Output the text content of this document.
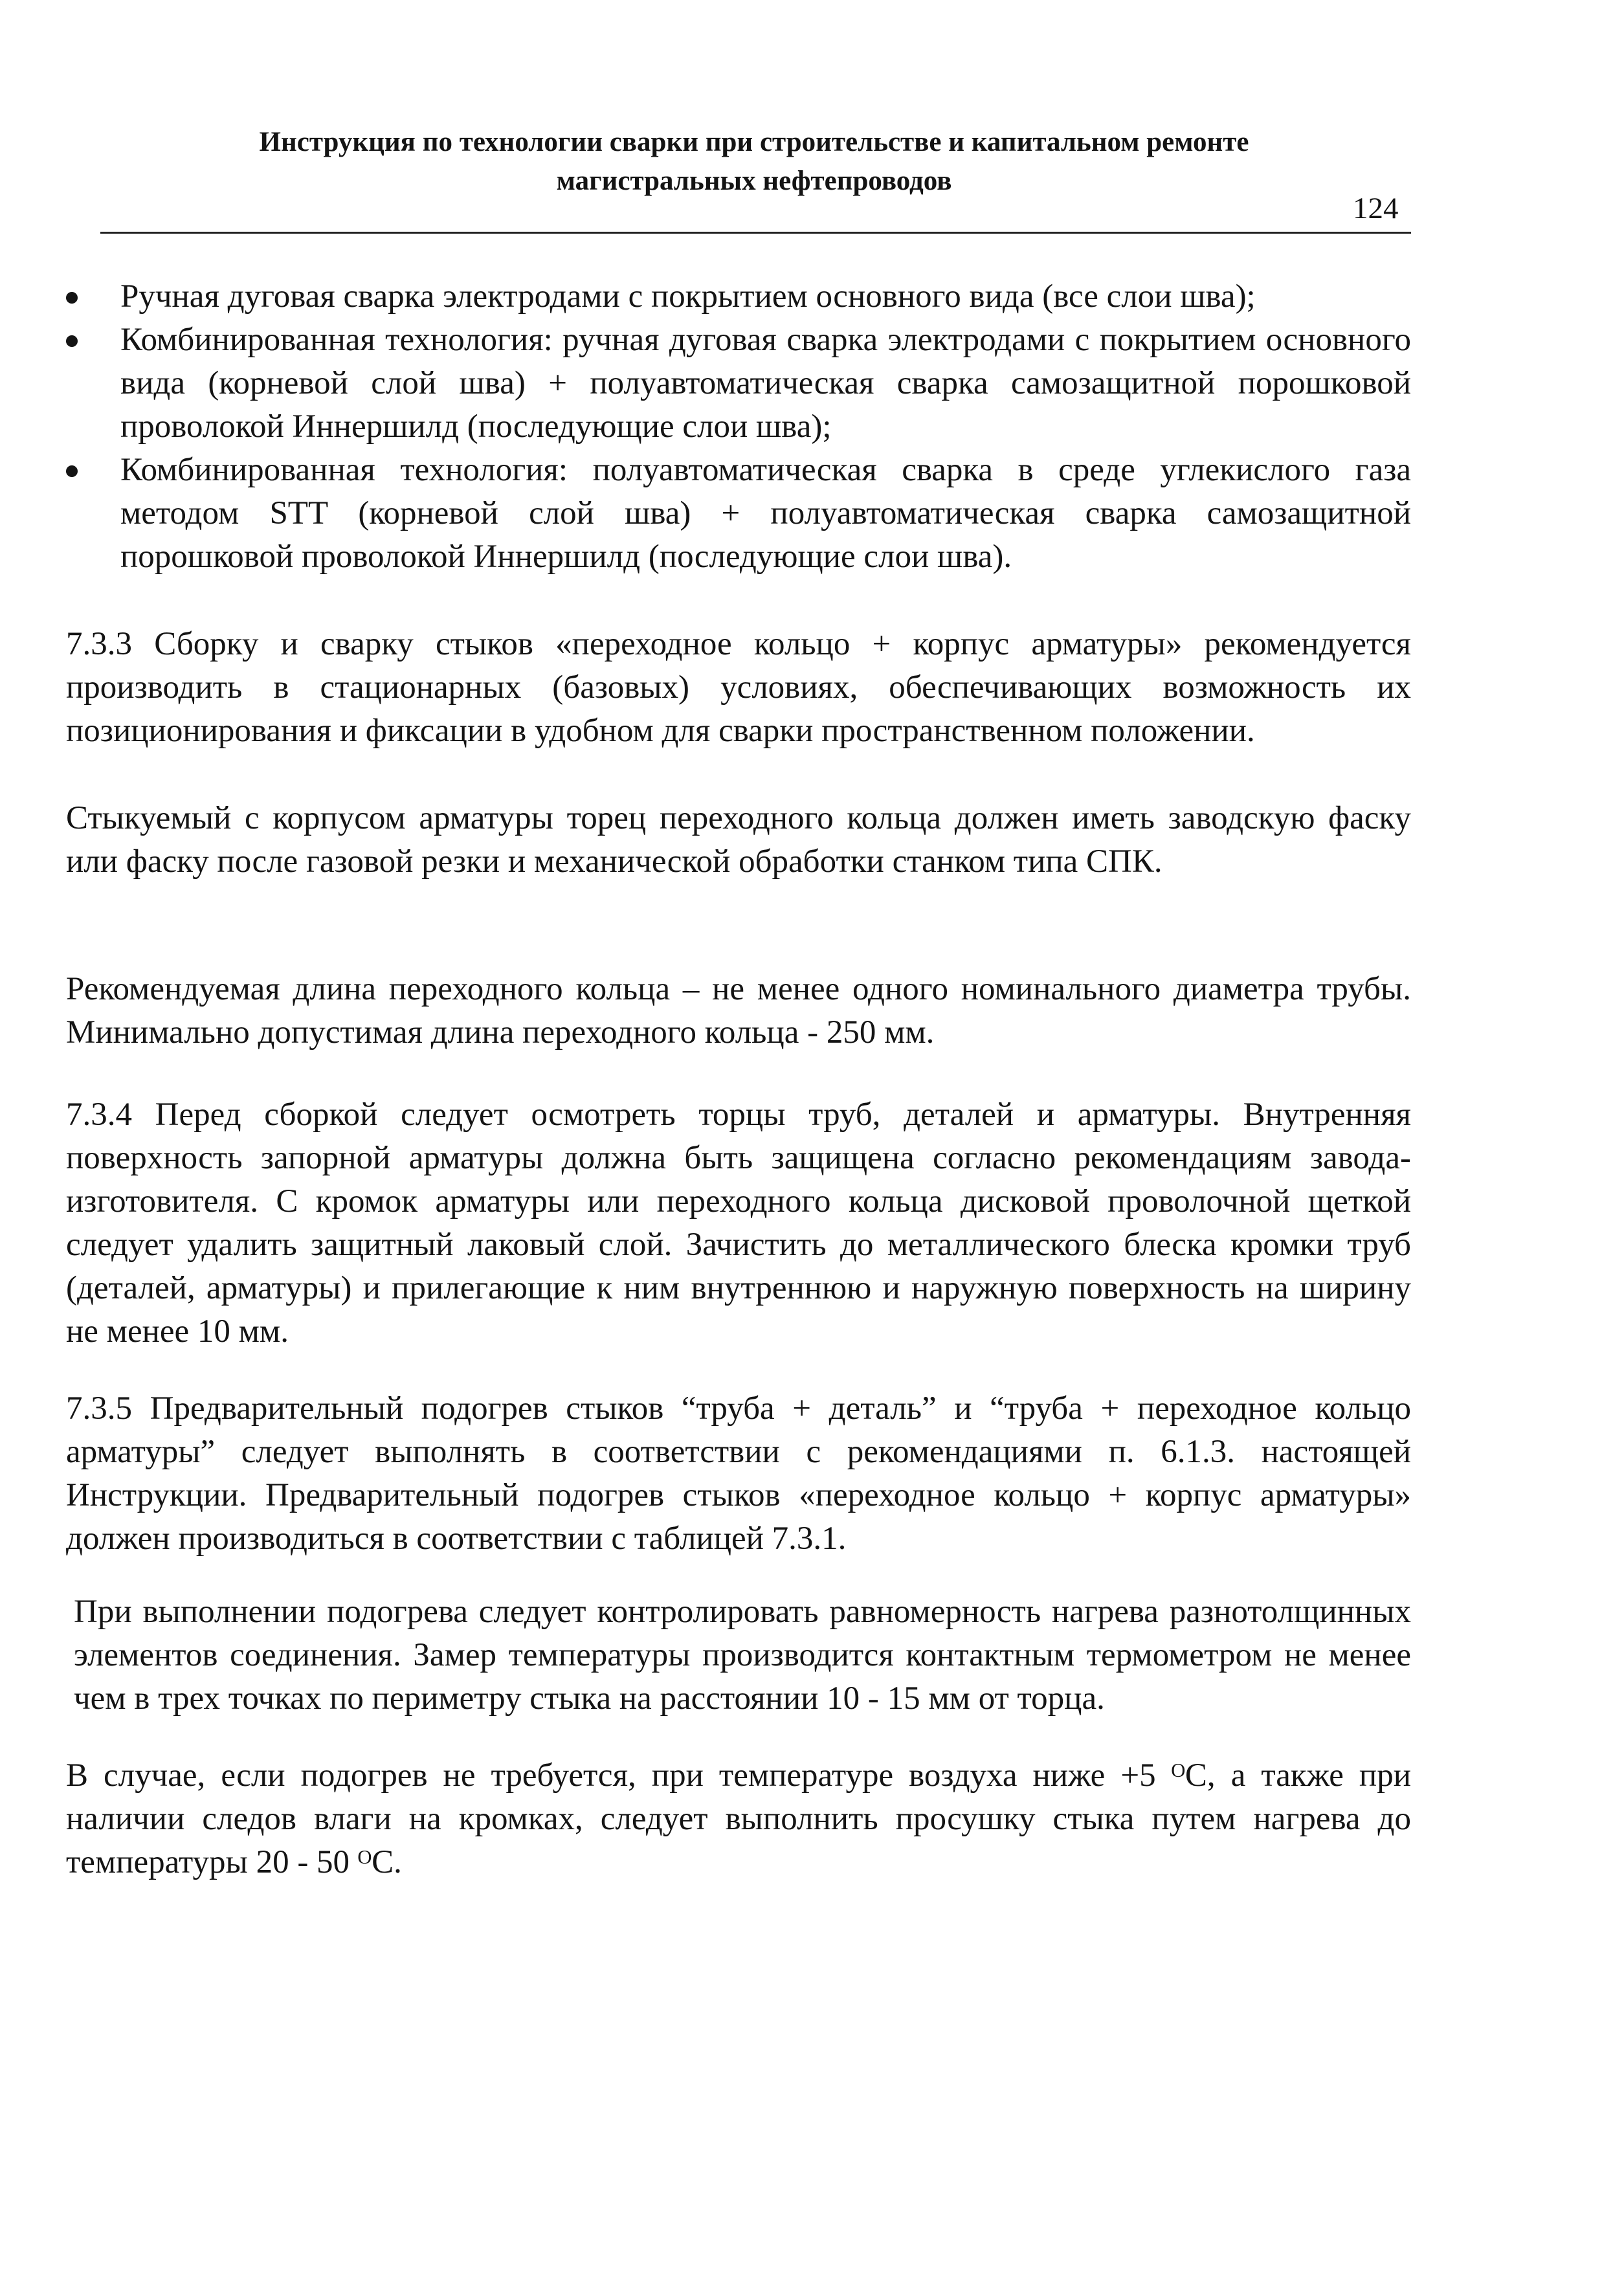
Инструкция по технологии сварки при строительстве и капитальном ремонте
магистральных нефтепроводов
124
Ручная дуговая сварка электродами с покрытием основного вида (все слои шва);
Комбинированная технология: ручная дуговая сварка электродами с покрытием основного вида (корневой слой шва) + полуавтоматическая сварка самозащитной порошковой проволокой Иннершилд (последующие слои шва);
Комбинированная технология: полуавтоматическая сварка в среде углекислого газа методом STT (корневой слой шва) + полуавтоматическая сварка самозащитной порошковой проволокой Иннершилд (последующие слои шва).

7.3.3 Сборку и сварку стыков «переходное кольцо + корпус арматуры» рекомендуется производить в стационарных (базовых) условиях, обеспечивающих возможность их позиционирования и фиксации в удобном для сварки пространственном положении.

Стыкуемый с корпусом арматуры торец переходного кольца должен иметь заводскую фаску или фаску после газовой резки и механической обработки станком типа СПК.

Рекомендуемая длина переходного кольца – не менее одного номинального диаметра трубы. Минимально допустимая длина переходного кольца - 250 мм.

7.3.4 Перед сборкой следует осмотреть торцы труб, деталей и арматуры. Внутренняя поверхность запорной арматуры должна быть защищена согласно рекомендациям завода-изготовителя. С кромок арматуры или переходного кольца дисковой проволочной щеткой следует удалить защитный лаковый слой. Зачистить до металлического блеска кромки труб (деталей, арматуры) и прилегающие к ним внутреннюю и наружную поверхность на ширину не менее 10 мм.

7.3.5 Предварительный подогрев стыков “труба + деталь” и “труба + переходное кольцо арматуры” следует выполнять в соответствии с рекомендациями п. 6.1.3. настоящей Инструкции. Предварительный подогрев стыков «переходное кольцо + корпус арматуры» должен производиться в соответствии с таблицей 7.3.1.

При выполнении подогрева следует контролировать равномерность нагрева разнотолщинных элементов соединения. Замер температуры производится контактным термометром не менее чем в трех точках по периметру стыка на расстоянии 10 - 15 мм от торца.

В случае, если подогрев не требуется, при температуре воздуха ниже +5 ᴼС, а также при наличии следов влаги на кромках, следует выполнить просушку стыка путем нагрева до температуры 20 - 50 ᴼС.
